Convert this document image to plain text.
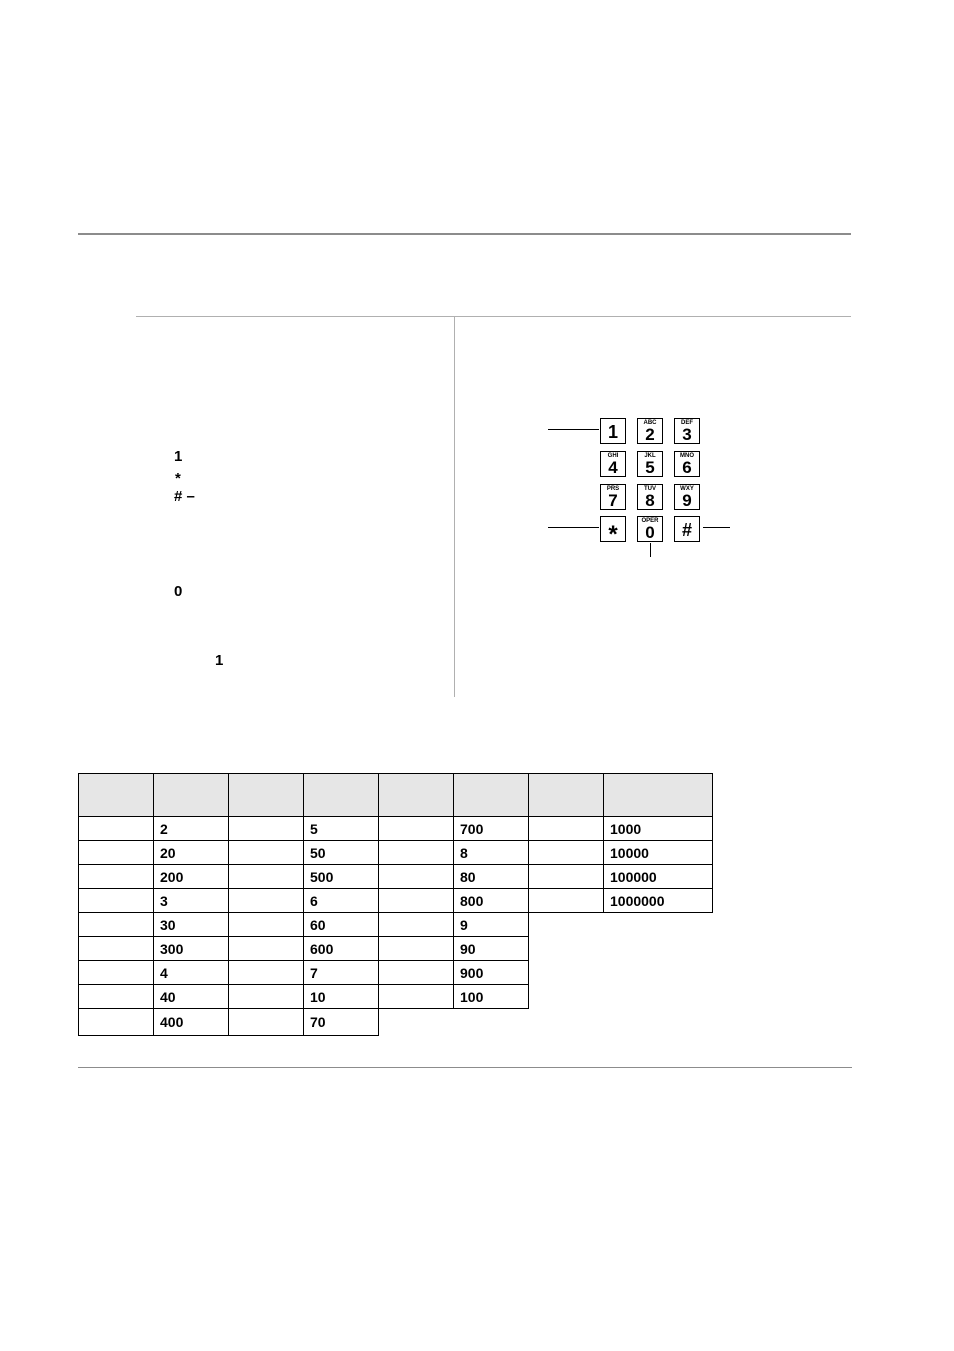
1
*
# –
0
1
1	ABC
2
DEF
3
GHI
4
JKL
5
MNO
6
PRS
7
TUV
8
WXY
9
*	OPER
0	#

	2		5		700		1000
	20		50		8		10000
	200		500		80		100000
	3		6		800		1000000
	30		60		9		
	300		600		90		
	4		7		900		
	40		10		100		
	400		70				
